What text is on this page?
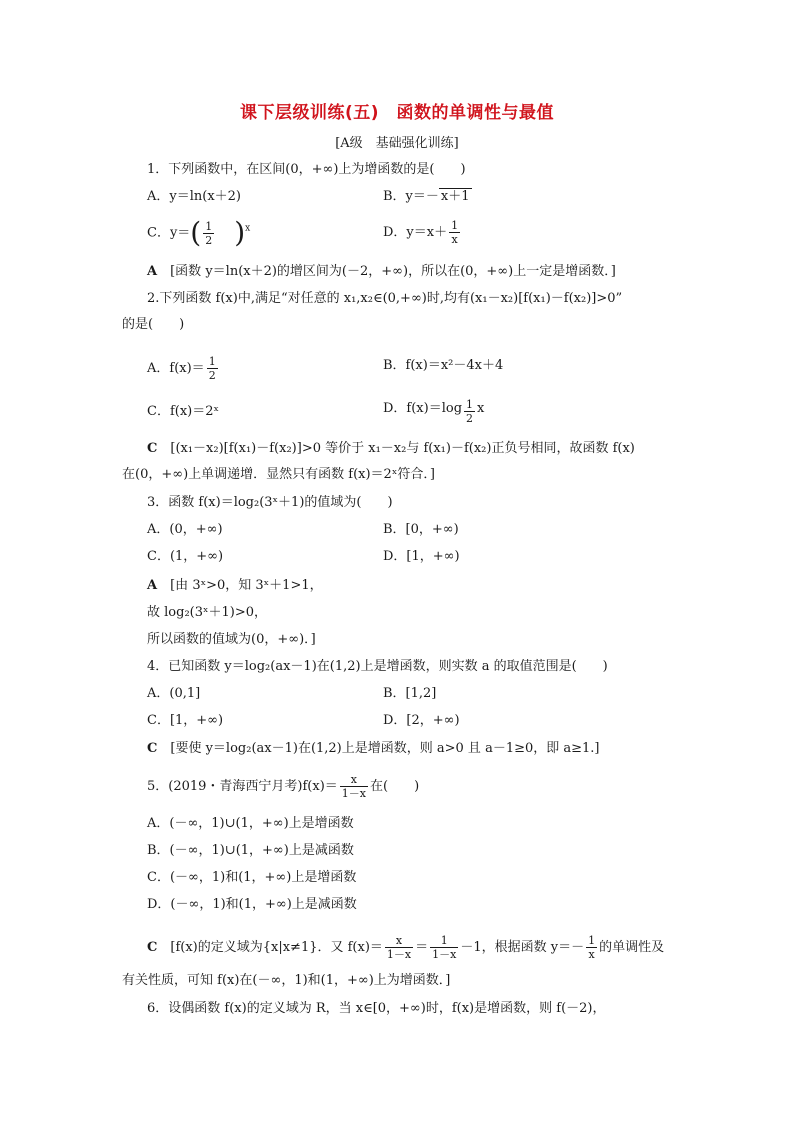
课下层级训练(五)　函数的单调性与最值
[A级　基础强化训练]
1．下列函数中，在区间(0，+∞)上为增函数的是(　　)
A．y＝ln(x＋2)	B．y＝－ x＋1
C．$y=( \frac{1}{2} )^x$	D．$y=x+ \frac{1}{x}$
A　 [函数 y＝ln(x＋2)的增区间为(－2，+∞)，所以在(0，+∞)上一定是增函数．]
2.下列函数 f(x)中,满足“对任意的 x₁,x₂∈(0,+∞)时,均有(x₁－x₂)[f(x₁)－f(x₂)]>0”
的是(　　)
A．$f(x)= \frac{1}{2}$	B．f(x)＝x²－4x＋4
C．f(x)＝2ˣ	D．$f(x)=\log \frac{1}{2}$ x
C　 [(x₁－x₂)[f(x₁)－f(x₂)]>0 等价于 x₁－x₂与 f(x₁)－f(x₂)正负号相同，故函数 f(x)
在(0，+∞)上单调递增．显然只有函数 f(x)＝2ˣ符合．]
3．函数 f(x)＝log₂(3ˣ＋1)的值域为(　　)
A．(0，+∞)	B．[0，+∞)
C．(1，+∞)	D．[1，+∞)
A　 [由 3ˣ>0，知 3ˣ＋1>1，
故 log₂(3ˣ＋1)>0，
所以函数的值域为(0，+∞)．]
4．已知函数 y＝log₂(ax－1)在(1,2)上是增函数，则实数 a 的取值范围是(　　)
A．(0,1]	B．[1,2]
C．[1，+∞)	D．[2，+∞)
C　 [要使 y＝log₂(ax－1)在(1,2)上是增函数，则 a>0 且 a－1≥0，即 a≥1.]
5．(2019・青海西宁月考)$f(x)= \frac{x}{1-x}$ 在(　　)
A．(－∞，1)∪(1，+∞)上是增函数
B．(－∞，1)∪(1，+∞)上是减函数
C．(－∞，1)和(1，+∞)上是增函数
D．(－∞，1)和(1，+∞)上是减函数
C　 [f(x)的定义域为{x|x≠1}．又 $f(x)= \frac{x}{1-x} = \frac{1}{1-x} -1$，根据函数 $y=- \frac{1}{x}$ 的单调性及
有关性质，可知 f(x)在(－∞，1)和(1，+∞)上为增函数．]
6．设偶函数 f(x)的定义域为 R，当 x∈[0，+∞)时，f(x)是增函数，则 f(－2)，
